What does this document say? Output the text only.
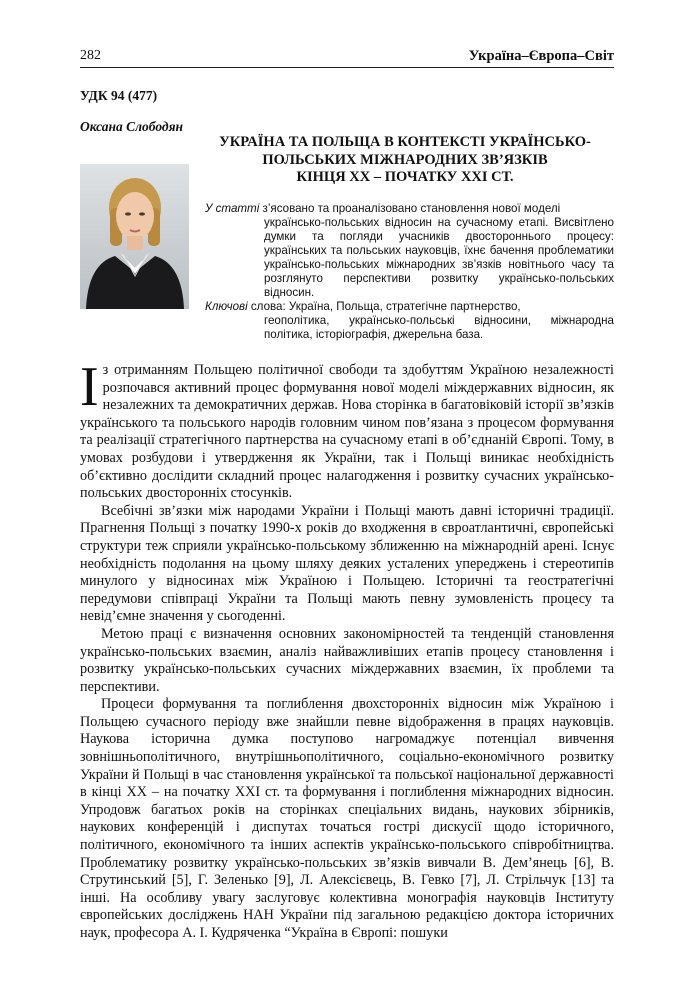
282	Україна–Європа–Світ
УДК 94 (477)
Оксана Слободян
УКРАЇНА ТА ПОЛЬЩА В КОНТЕКСТІ УКРАЇНСЬКО-
ПОЛЬСЬКИХ МІЖНАРОДНИХ ЗВ’ЯЗКІВ
КІНЦЯ ХХ – ПОЧАТКУ ХХІ СТ.
У статті з’ясовано та проаналізовано становлення нової моделі
українсько-польських відносин на сучасному етапі. Висвітлено думки та погляди учасників двостороннього процесу: українських та польських науковців, їхнє бачення проблематики українсько-польських міжнародних зв’язків новітнього часу та розглянуто перспективи розвитку українсько-польських відносин.
Ключові слова: Україна, Польща, стратегічне партнерство,
геополітика, українсько-польські відносини, міжнародна політика, історіографія, джерельна база.

Із отриманням Польщею політичної свободи та здобуттям Україною незалежності розпочався активний процес формування нової моделі міждержавних відносин, як незалежних та демократичних держав. Нова сторінка в багатовіковій історії зв’язків українського та польського народів головним чином пов’язана з процесом формування та реалізації стратегічного партнерства на сучасному етапі в об’єднаній Європі. Тому, в умовах розбудови і утвердження як України, так і Польщі виникає необхідність об’єктивно дослідити складний процес налагодження і розвитку сучасних українсько-польських двосторонніх стосунків.

Всебічні зв’язки між народами України і Польщі мають давні історичні традиції. Прагнення Польщі з початку 1990-х років до входження в євроатлантичні, європейські структури теж сприяли українсько-польському зближенню на міжнародній арені. Існує необхідність подолання на цьому шляху деяких усталених упереджень і стереотипів минулого у відносинах між Україною і Польщею. Історичні та геостратегічні передумови співпраці України та Польщі мають певну зумовленість процесу та невід’ємне значення у сьогоденні.

Метою праці є визначення основних закономірностей та тенденцій становлення українсько-польських взаємин, аналіз найважливіших етапів процесу становлення і розвитку українсько-польських сучасних міждержавних взаємин, їх проблеми та перспективи.

Процеси формування та поглиблення двохсторонніх відносин між Україною і Польщею сучасного періоду вже знайшли певне відображення в працях науковців. Наукова історична думка поступово нагромаджує потенціал вивчення зовнішньополітичного, внутрішньополітичного, соціально-економічного розвитку України й Польщі в час становлення української та польської національної державності в кінці ХХ – на початку ХХІ ст. та формування і поглиблення міжнародних відносин. Упродовж багатьох років на сторінках спеціальних видань, наукових збірників, наукових конференцій і диспутах точаться гострі дискусії щодо історичного, політичного, економічного та інших аспектів українсько-польського співробітництва. Проблематику розвитку українсько-польських зв’язків вивчали В. Дем’янець [6], В. Струтинський [5], Г. Зеленько [9], Л. Алексієвець, В. Гевко [7], Л. Стрільчук [13] та інші. На особливу увагу заслуговує колективна монографія науковців Інституту європейських досліджень НАН України під загальною редакцією доктора історичних наук, професора А. І. Кудряченка “Україна в Європі: пошуки
